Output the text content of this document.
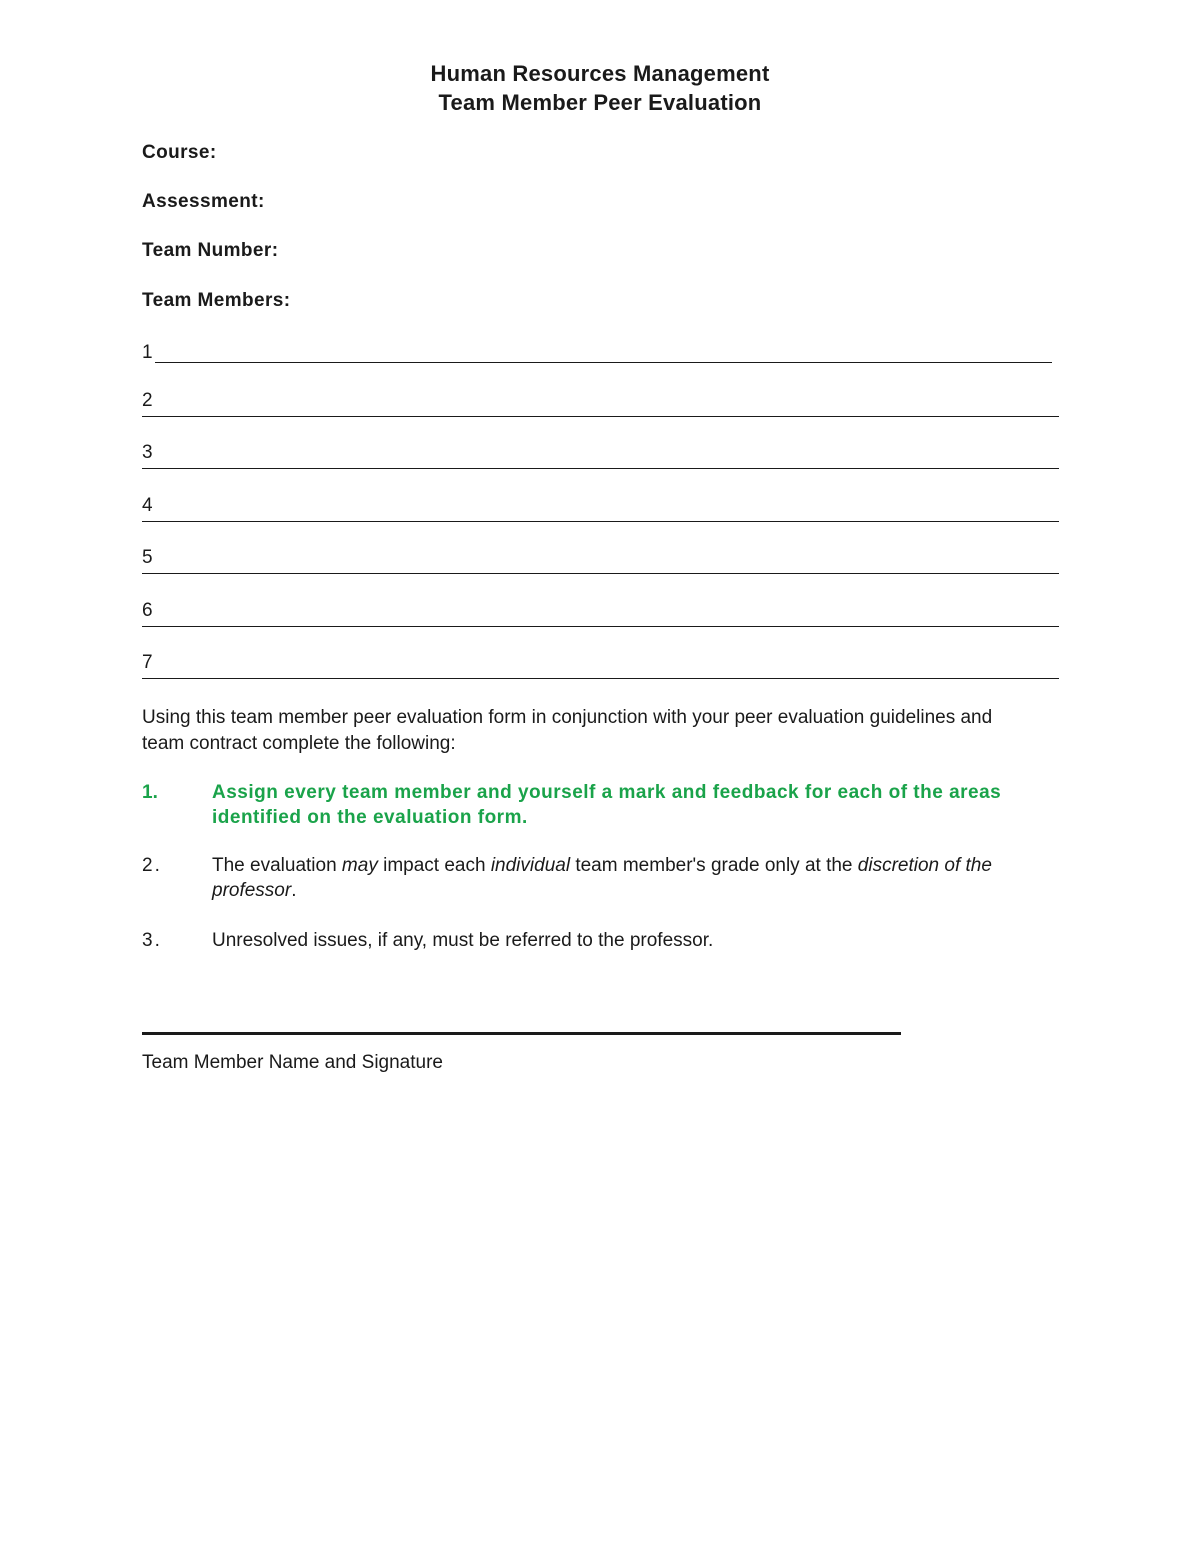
Human Resources Management
Team Member Peer Evaluation
Course:
Assessment:
Team Number:
Team Members:
1
2
3
4
5
6
7
Using this team member peer evaluation form in conjunction with your peer evaluation guidelines and team contract complete the following:
1.	Assign every team member and yourself a mark and feedback for each of the areas identified on the evaluation form.
2.	The evaluation may impact each individual team member's grade only at the discretion of the professor.
3.	Unresolved issues, if any, must be referred to the professor.
Team Member Name and Signature
